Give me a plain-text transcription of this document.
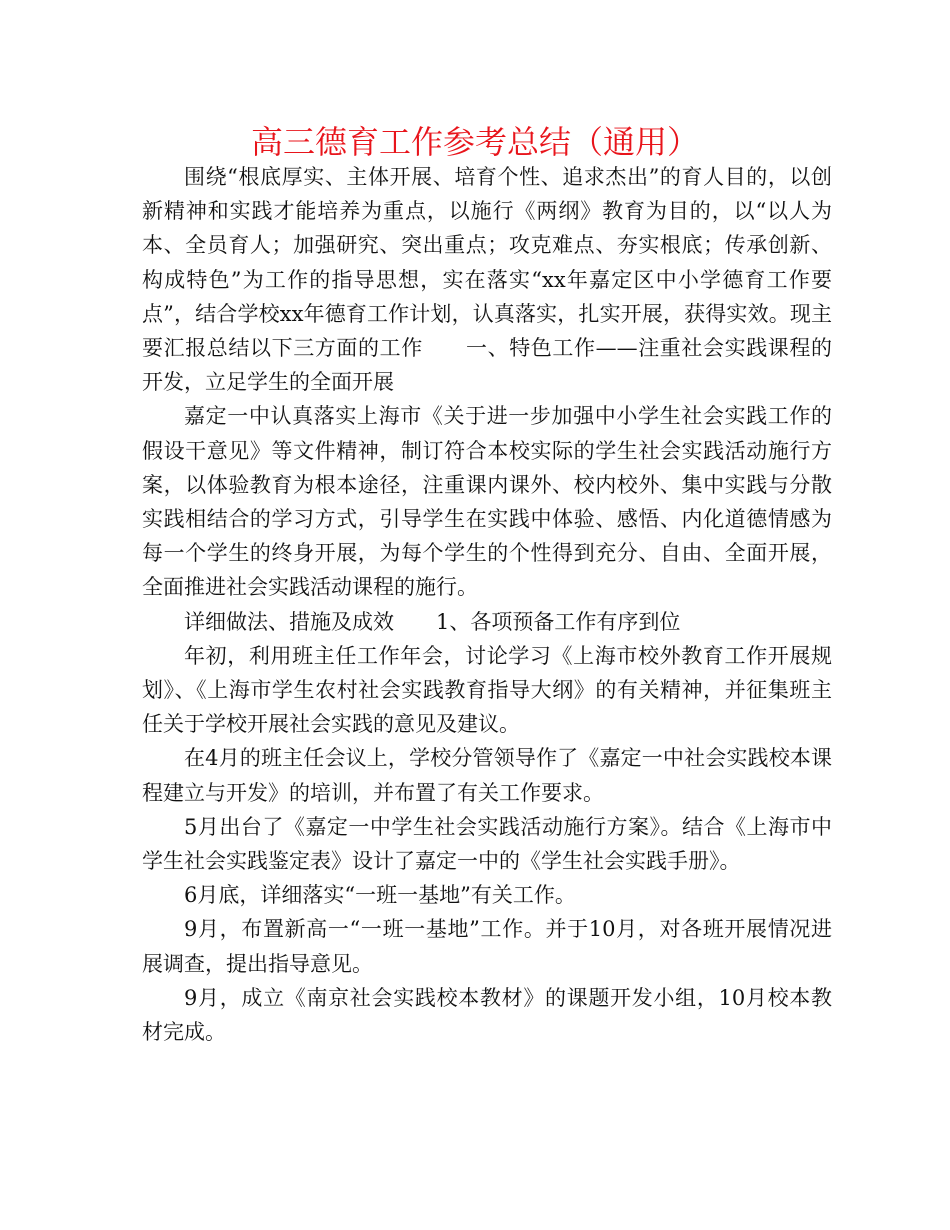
高三德育工作参考总结（通用）

围绕“根底厚实、主体开展、培育个性、追求杰出”的育人目的，以创新精神和实践才能培养为重点，以施行《两纲》教育为目的，以“以人为本、全员育人；加强研究、突出重点；攻克难点、夯实根底；传承创新、构成特色”为工作的指导思想，实在落实“xx年嘉定区中小学德育工作要点”，结合学校xx年德育工作计划，认真落实，扎实开展，获得实效。现主要汇报总结以下三方面的工作　　一、特色工作——注重社会实践课程的开发，立足学生的全面开展

嘉定一中认真落实上海市《关于进一步加强中小学生社会实践工作的假设干意见》等文件精神，制订符合本校实际的学生社会实践活动施行方案，以体验教育为根本途径，注重课内课外、校内校外、集中实践与分散实践相结合的学习方式，引导学生在实践中体验、感悟、内化道德情感为每一个学生的终身开展，为每个学生的个性得到充分、自由、全面开展，全面推进社会实践活动课程的施行。

详细做法、措施及成效　　1、各项预备工作有序到位

年初，利用班主任工作年会，讨论学习《上海市校外教育工作开展规划》、《上海市学生农村社会实践教育指导大纲》的有关精神，并征集班主任关于学校开展社会实践的意见及建议。

在4月的班主任会议上，学校分管领导作了《嘉定一中社会实践校本课程建立与开发》的培训，并布置了有关工作要求。

5月出台了《嘉定一中学生社会实践活动施行方案》。结合《上海市中学生社会实践鉴定表》设计了嘉定一中的《学生社会实践手册》。

6月底，详细落实“一班一基地”有关工作。

9月，布置新高一“一班一基地”工作。并于10月，对各班开展情况进展调查，提出指导意见。

9月，成立《南京社会实践校本教材》的课题开发小组，10月校本教材完成。
